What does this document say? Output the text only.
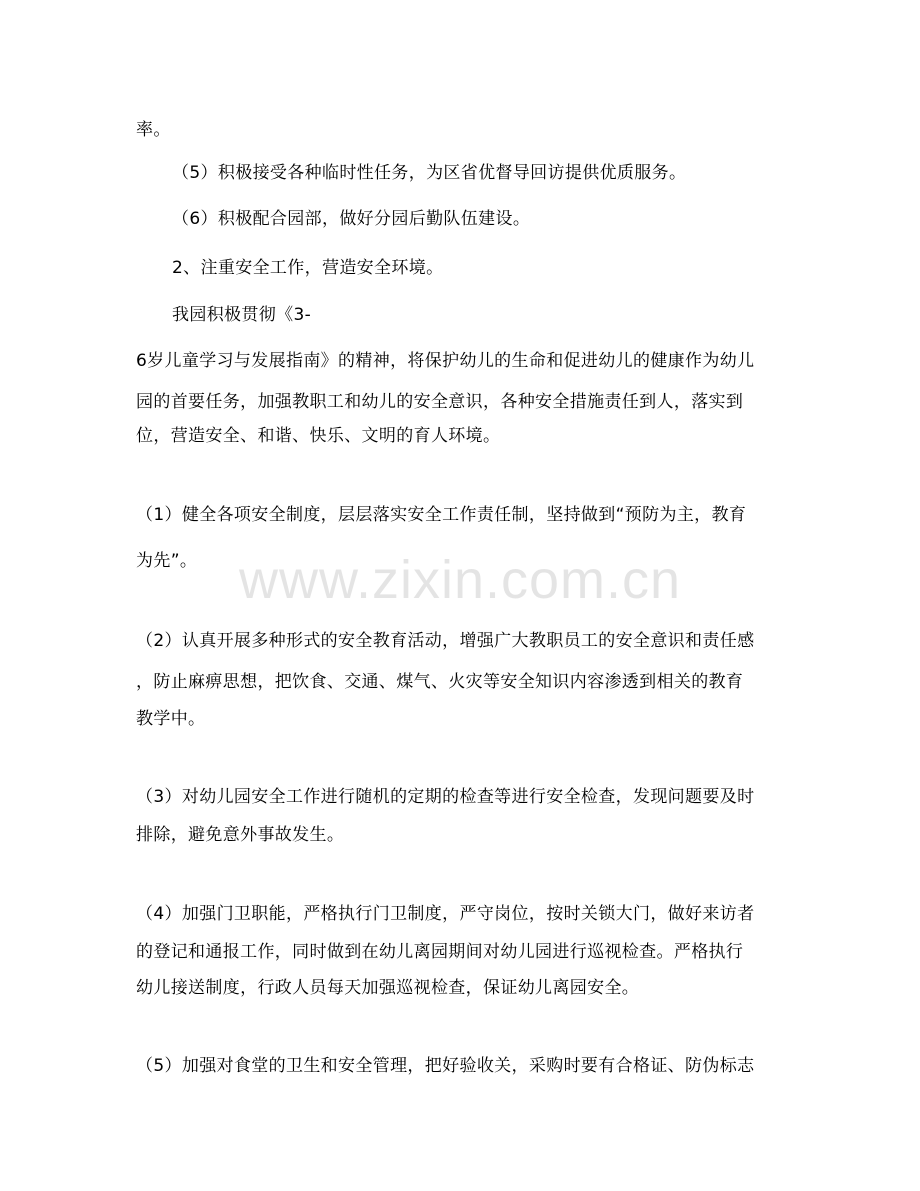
率。
（5）积极接受各种临时性任务，为区省优督导回访提供优质服务。
（6）积极配合园部，做好分园后勤队伍建设。
2、注重安全工作，营造安全环境。
我园积极贯彻《3-
6岁儿童学习与发展指南》的精神，将保护幼儿的生命和促进幼儿的健康作为幼儿
园的首要任务，加强教职工和幼儿的安全意识，各种安全措施责任到人，落实到
位，营造安全、和谐、快乐、文明的育人环境。
（1）健全各项安全制度，层层落实安全工作责任制，坚持做到“预防为主，教育
为先”。
（2）认真开展多种形式的安全教育活动，增强广大教职员工的安全意识和责任感
，防止麻痹思想，把饮食、交通、煤气、火灾等安全知识内容渗透到相关的教育
教学中。
（3）对幼儿园安全工作进行随机的定期的检查等进行安全检查，发现问题要及时
排除，避免意外事故发生。
（4）加强门卫职能，严格执行门卫制度，严守岗位，按时关锁大门，做好来访者
的登记和通报工作，同时做到在幼儿离园期间对幼儿园进行巡视检查。严格执行
幼儿接送制度，行政人员每天加强巡视检查，保证幼儿离园安全。
（5）加强对食堂的卫生和安全管理，把好验收关，采购时要有合格证、防伪标志
www.zixin.com.cn
